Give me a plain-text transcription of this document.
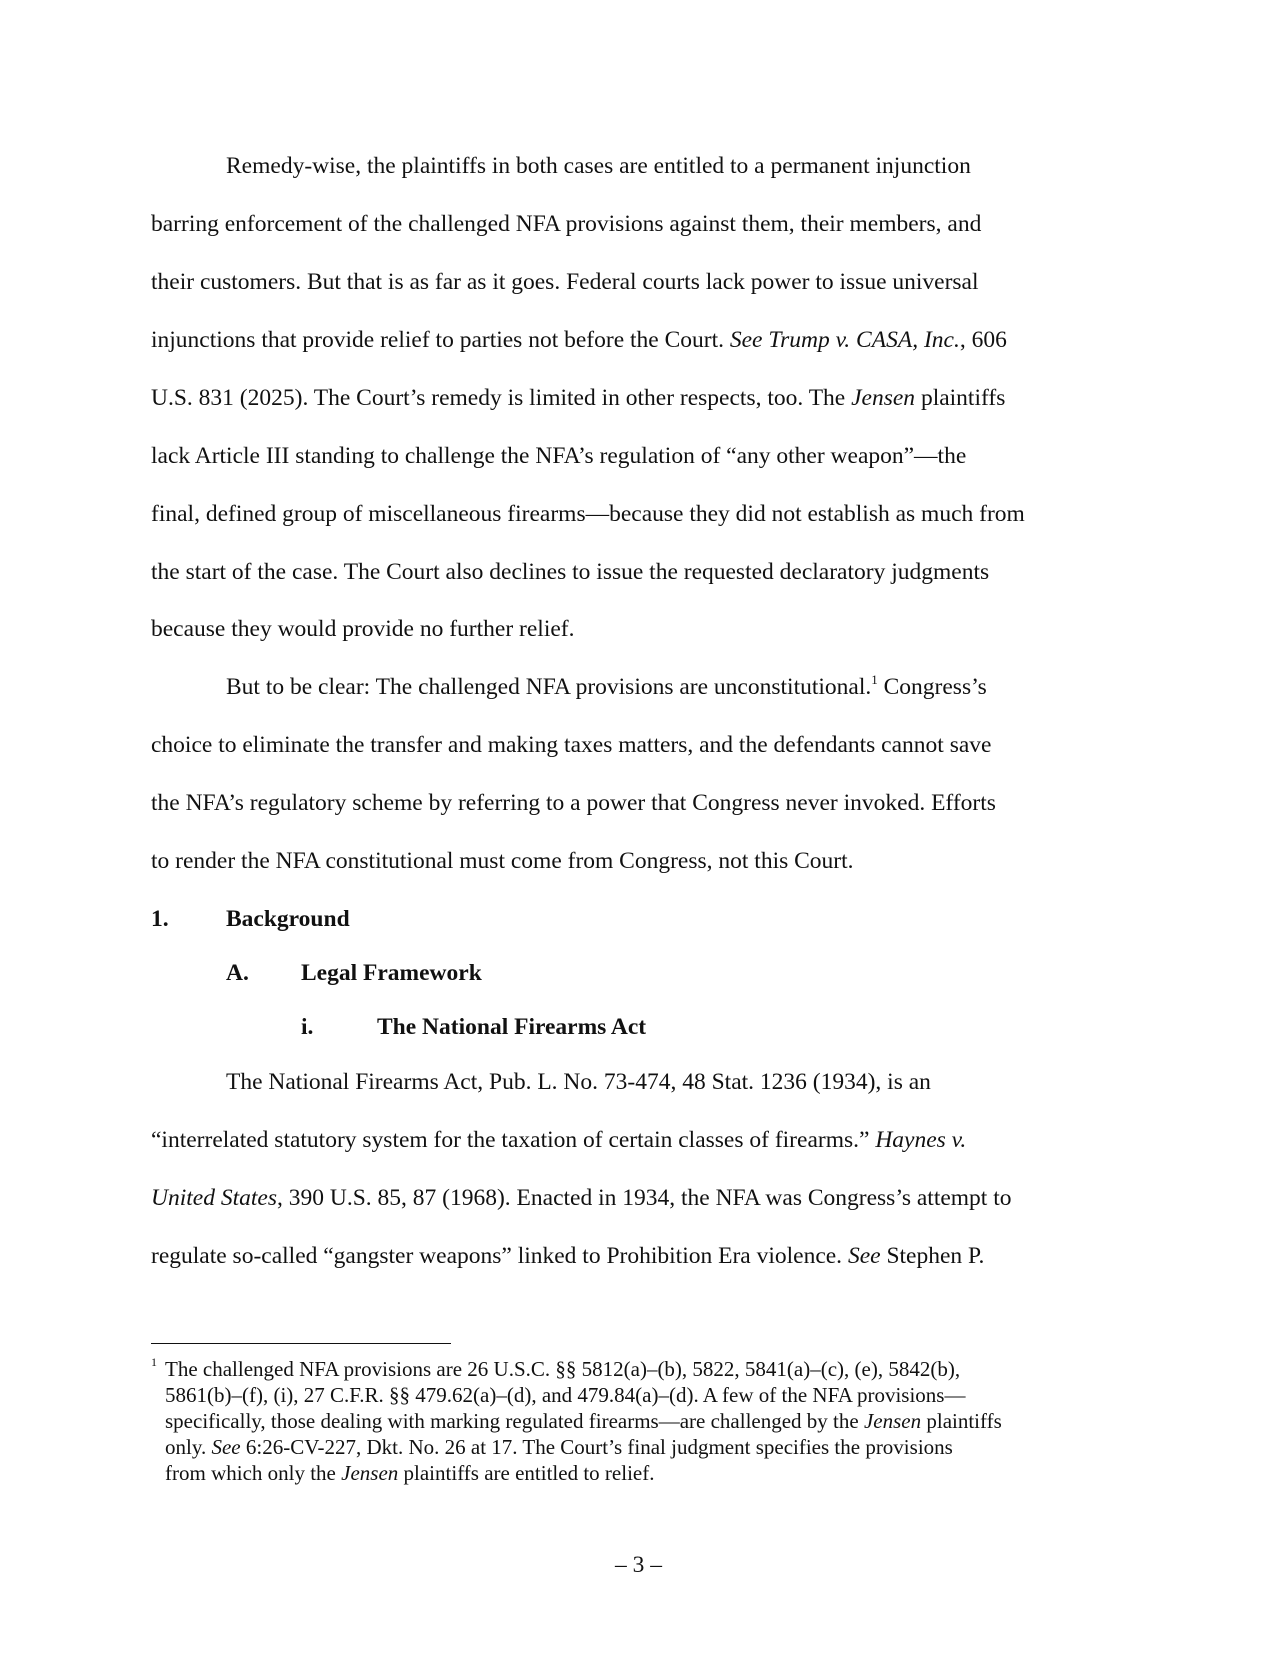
Remedy-wise, the plaintiffs in both cases are entitled to a permanent injunction
barring enforcement of the challenged NFA provisions against them, their members, and
their customers. But that is as far as it goes. Federal courts lack power to issue universal
injunctions that provide relief to parties not before the Court. See Trump v. CASA, Inc., 606
U.S. 831 (2025). The Court’s remedy is limited in other respects, too. The Jensen plaintiffs
lack Article III standing to challenge the NFA’s regulation of “any other weapon”—the
final, defined group of miscellaneous firearms—because they did not establish as much from
the start of the case. The Court also declines to issue the requested declaratory judgments
because they would provide no further relief.
But to be clear: The challenged NFA provisions are unconstitutional.$^1$ Congress’s
choice to eliminate the transfer and making taxes matters, and the defendants cannot save
the NFA’s regulatory scheme by referring to a power that Congress never invoked. Efforts
to render the NFA constitutional must come from Congress, not this Court.
1. Background
A. Legal Framework
i.	The National Firearms Act
The National Firearms Act, Pub. L. No. 73-474, 48 Stat. 1236 (1934), is an
“interrelated statutory system for the taxation of certain classes of firearms.” Haynes v.
United States, 390 U.S. 85, 87 (1968). Enacted in 1934, the NFA was Congress’s attempt to
regulate so-called “gangster weapons” linked to Prohibition Era violence. See Stephen P.
1 The challenged NFA provisions are 26 U.S.C. §§ 5812(a)–(b), 5822, 5841(a)–(c), (e), 5842(b),
5861(b)–(f), (i), 27 C.F.R. §§ 479.62(a)–(d), and 479.84(a)–(d). A few of the NFA provisions—
specifically, those dealing with marking regulated firearms—are challenged by the Jensen plaintiffs
only. See 6:26-CV-227, Dkt. No. 26 at 17. The Court’s final judgment specifies the provisions
from which only the Jensen plaintiffs are entitled to relief.
– 3 –
